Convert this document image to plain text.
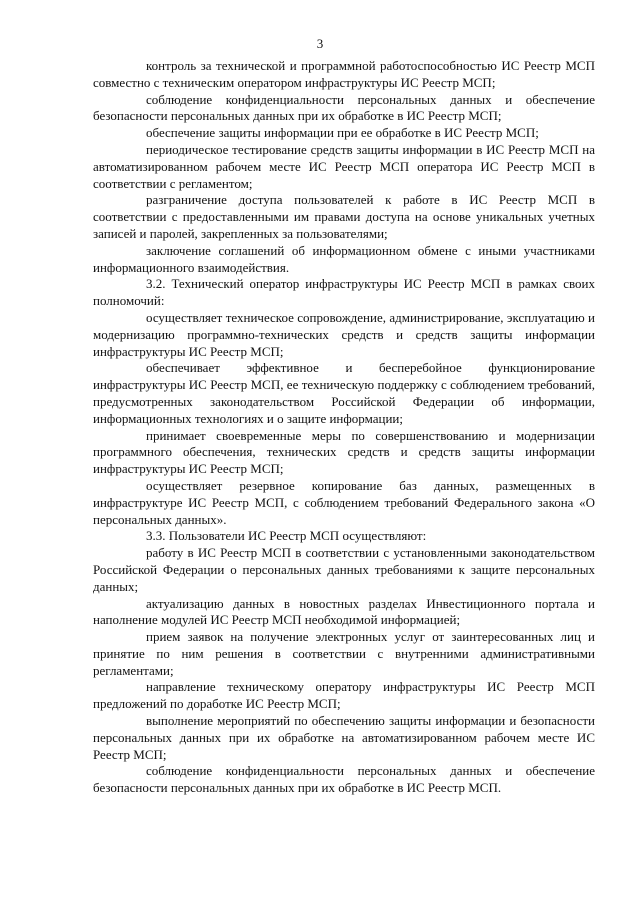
3

контроль за технической и программной работоспособностью ИС Реестр МСП совместно с техническим оператором инфраструктуры ИС Реестр МСП;

соблюдение конфиденциальности персональных данных и обеспечение безопасности персональных данных при их обработке в ИС Реестр МСП;

обеспечение защиты информации при ее обработке в ИС Реестр МСП;

периодическое тестирование средств защиты информации в ИС Реестр МСП на автоматизированном рабочем месте ИС Реестр МСП оператора ИС Реестр МСП в соответствии с регламентом;

разграничение доступа пользователей к работе в ИС Реестр МСП в соответствии с предоставленными им правами доступа на основе уникальных учетных записей и паролей, закрепленных за пользователями;

заключение соглашений об информационном обмене с иными участниками информационного взаимодействия.

3.2. Технический оператор инфраструктуры ИС Реестр МСП в рамках своих полномочий:

осуществляет техническое сопровождение, администрирование, эксплуатацию и модернизацию программно-технических средств и средств защиты информации инфраструктуры ИС Реестр МСП;

обеспечивает эффективное и бесперебойное функционирование инфраструктуры ИС Реестр МСП, ее техническую поддержку с соблюдением требований, предусмотренных законодательством Российской Федерации об информации, информационных технологиях и о защите информации;

принимает своевременные меры по совершенствованию и модернизации программного обеспечения, технических средств и средств защиты информации инфраструктуры ИС Реестр МСП;

осуществляет резервное копирование баз данных, размещенных в инфраструктуре ИС Реестр МСП, с соблюдением требований Федерального закона «О персональных данных».

3.3. Пользователи ИС Реестр МСП осуществляют:

работу в ИС Реестр МСП в соответствии с установленными законодательством Российской Федерации о персональных данных требованиями к защите персональных данных;

актуализацию данных в новостных разделах Инвестиционного портала и наполнение модулей ИС Реестр МСП необходимой информацией;

прием заявок на получение электронных услуг от заинтересованных лиц и принятие по ним решения в соответствии с внутренними административными регламентами;

направление техническому оператору инфраструктуры ИС Реестр МСП предложений по доработке ИС Реестр МСП;

выполнение мероприятий по обеспечению защиты информации и безопасности персональных данных при их обработке на автоматизированном рабочем месте ИС Реестр МСП;

соблюдение конфиденциальности персональных данных и обеспечение безопасности персональных данных при их обработке в ИС Реестр МСП.
